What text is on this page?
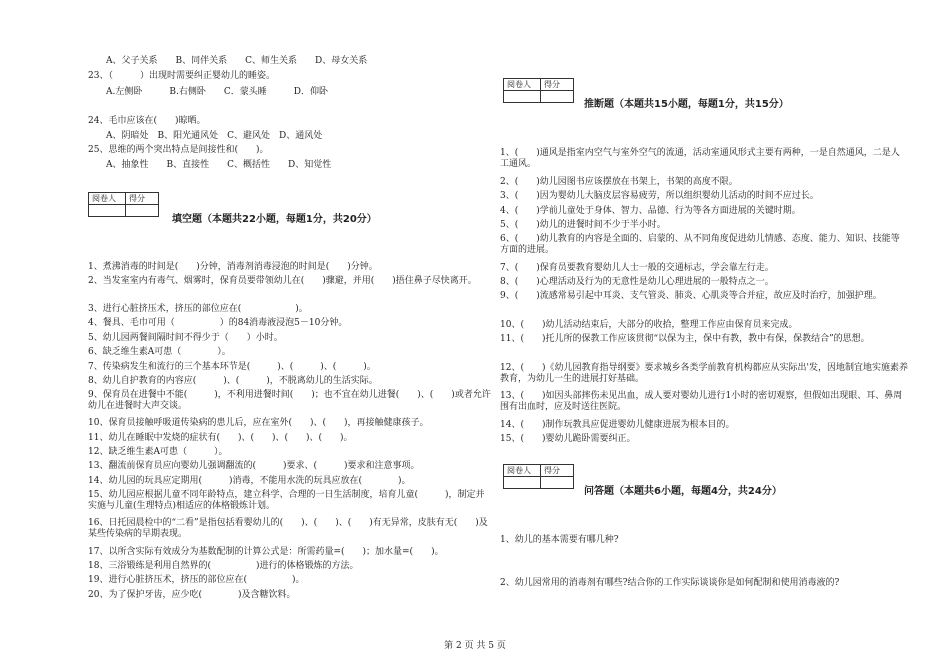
A、父子关系　　B、同伴关系　　C、师生关系　　D、母女关系
23、（　　　）出现时需要纠正婴幼儿的睡姿。
A.左侧卧　　　B.右侧卧　　C．蒙头睡　　　D．仰卧
24、毛巾应该在(　　)晾晒。
A、阴暗处　B、阳光通风处　C、避风处　D、通风处
25、思维的两个突出特点是间接性和(　　)。
A、抽象性　　B、直接性　　C、概括性　　D、知觉性
阅卷人	得分

填空题（本题共22小题，每题1分，共20分）
1、煮沸消毒的时间是(　　)分钟，消毒剂消毒浸泡的时间是(　　)分钟。
2、当发室室内有毒气、烟雾时，保育员要带领幼儿在(　　)骤避，并用(　　)捂住鼻子尽快离开。
3、进行心脏挤压术，挤压的部位应在(　　　　　　)。
4、餐具、毛巾可用（　　　　　）的84消毒液浸泡5－10分钟。
5、幼儿园两餐间隔时间不得少于（　　）小时。
6、缺乏维生素A可患（　　　　）。
7、传染病发生和流行的三个基本环节是(　　　)、(　　　)、(　　　)。
8、幼儿自护教育的内容应(　　　)、(　　　)，不脱离幼儿的生活实际。
9、保育员在进餐中不能(　　　)，不利用进餐时间(　　)；也不宜在幼儿进餐(　　)、(　　)或者允许幼儿在进餐时大声交谈。
10、保育员接触呼吸道传染病的患儿后，应在室外(　　)、(　　)，再接触健康孩子。
11、幼儿在睡眠中发烧的症状有(　　)、(　　)、(　　)、(　　)。
12、缺乏维生素A可患（　　　）。
13、翻流前保育员应向婴幼儿强调翻流的(　　　)要求、(　　　)要求和注意事项。
14、幼儿园的玩具应定期用(　　　)消毒，不能用水洗的玩具应放在(　　　　)。
15、幼儿园应根据儿童不同年龄特点，建立科学、合理的一日生活制度，培育儿童(　　　)，制定并实施与儿童(生理特点)相适应的体格锻炼计划。
16、日托园晨检中的“二看”是指包括看婴幼儿的(　　)、(　　)、(　　)有无异常，皮肤有无(　　)及某些传染病的早期表现。
17、以所含实际有效成分为基数配制的计算公式是：所需药量=(　　)；加水量=(　　)。
18、三浴锻练是利用自然界的(　　　　　)进行的体格锻炼的方法。
19、进行心脏挤压术，挤压的部位应在(　　　　　)。
20、为了保护牙齿，应少吃(　　　　)及含糖饮料。
阅卷人	得分

推断题（本题共15小题，每题1分，共15分）
1、(　　)通风是指室内空气与室外空气的流通，活动室通风形式主要有两种，一是自然通风，二是人工通风。
2、(　　)幼儿园图书应该摆放在书架上，书架的高度不限。
3、(　　)因为婴幼儿大脑皮层容易疲劳，所以组织婴幼儿活动的时间不应过长。
4、(　　)学前儿童处于身体、智力、品德、行为等各方面进展的关键时期。
5、(　　)幼儿的进餐时间不少于半小时。
6、(　　)幼儿教育的内容是全面的、启蒙的、从不同角度促进幼儿情感、态度、能力、知识、技能等方面的进展。
7、(　　)保育员要教育婴幼儿人士一般的交通标志，学会靠左行走。
8、(　　)心理活动及行为的无意性是幼儿心理进展的一般特点之一。
9、(　　)流感常易引起中耳炎、支气管炎、肺炎、心肌炎等合并症，故应及时治疗，加强护理。
10、(　　)幼儿活动结束后，大部分的收拾，整理工作应由保育员来完成。
11、(　　)托儿所的保教工作应该贯彻“以保为主，保中有教，教中有保，保教结合”的思想。
12、(　　)《幼儿园教育指导纲要》要求城乡各类学前教育机构都应从实际出'发，因地制宜地实施素养教育，为幼儿一生的进展打好基础。
13、(　　)如因头部摔伤未见出血，成人要对婴幼儿进行1小时的密切观察，但假如出现眼、耳、鼻周围有出血时，应及时送往医院。
14、(　　)制作玩教具应促进婴幼儿健康进展为根本目的。
15、(　　)婴幼儿跪卧需要纠正。
阅卷人	得分

问答题（本题共6小题，每题4分，共24分）
1、幼儿的基本需要有哪几种?
2、幼儿园常用的消毒剂有哪些?结合你的工作实际谈谈你是如何配制和使用消毒液的?
第 2 页 共 5 页
